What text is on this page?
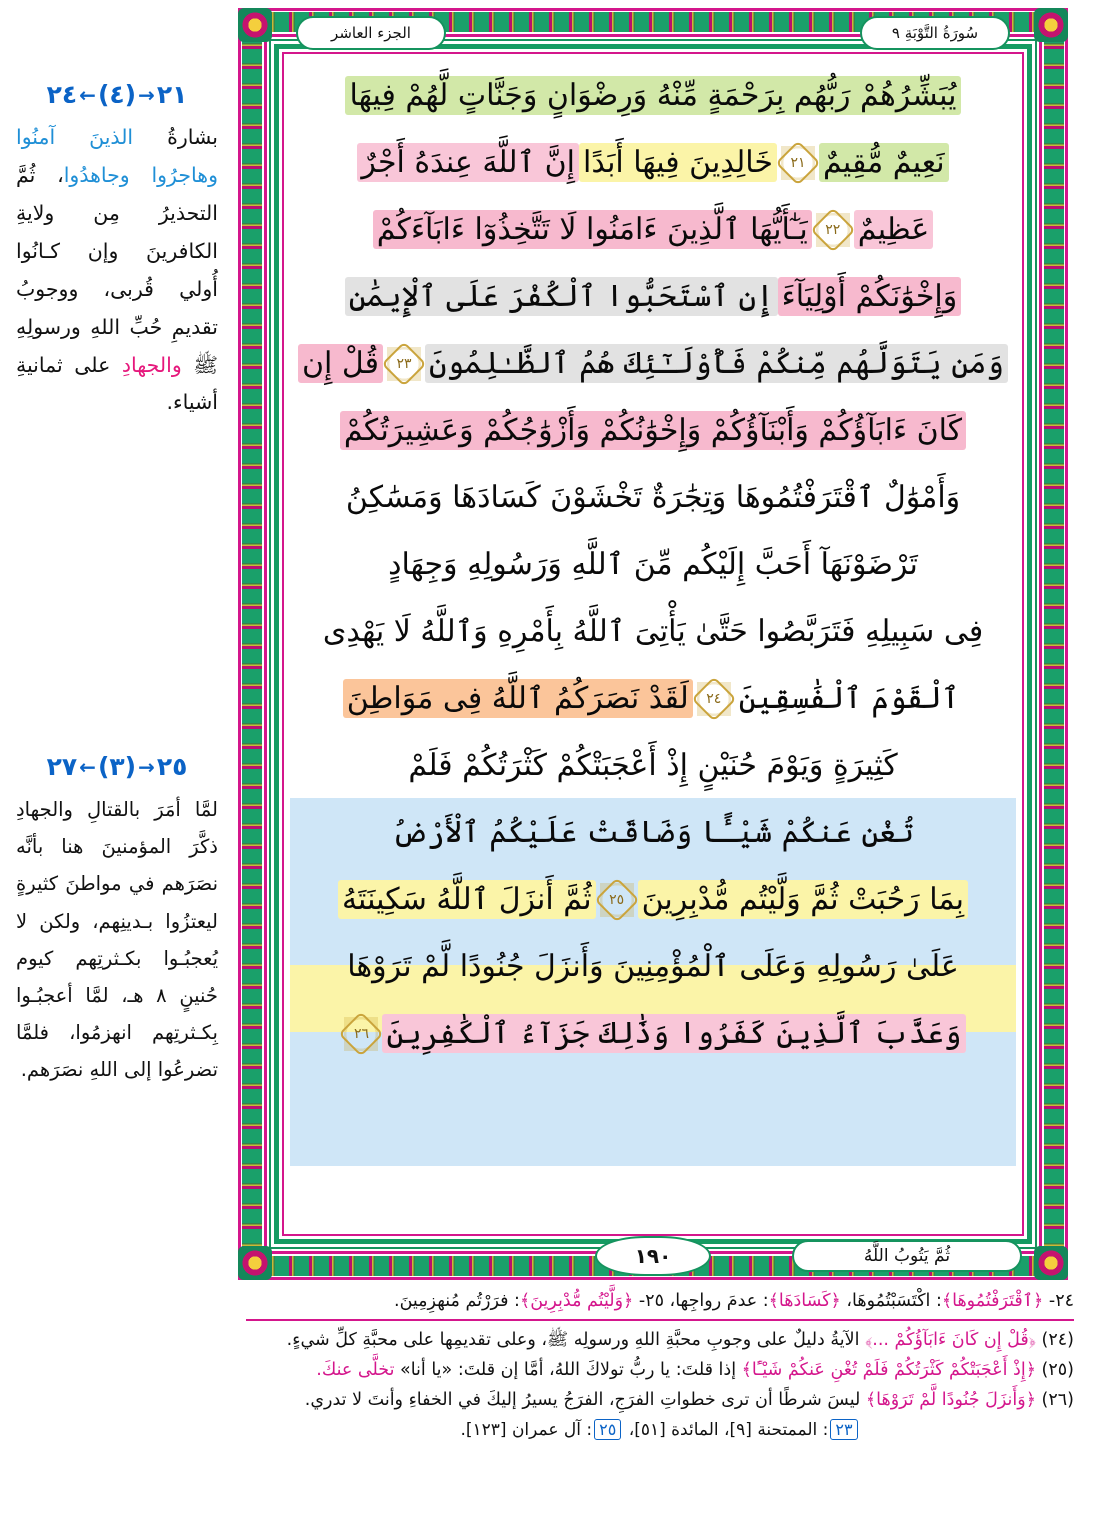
٢١
→
(٤)
←
٢٤
بشارةُ الذينَ آمنُوا وهاجرُوا وجاهدُوا، ثُمَّ التحذيرُ مِن ولايةِ الكافرينَ وإن كـانُوا أُولي قُربى، ووجوبُ تقديمِ حُبِّ اللهِ ورسولِهِ ﷺ والجهادِ على ثمانيةِ أشياء.
٢٥
→
(٣)
←
٢٧
لمَّا أمَرَ بالقتالِ والجهادِ ذكَّرَ المؤمنينَ هنا بأنَّه نصَرَهم في مواطنَ كثيرةٍ ليعتزُوا بـدينِهم، ولكن لا يُعجبُـوا بكـثرتِهم كيوم حُنينٍ ٨ هـ، لمَّا أعجبُـوا بِكـثرتِهم انهزمُوا، فلمَّا تضرعُوا إلى اللهِ نصَرَهم.
سُورَةُ التَّوْبَةِ ٩
الجزء العاشر
١٩٠	ثُمَّ يَتُوبُ اللَّهُ
يُبَشِّرُهُمْ رَبُّهُم بِرَحْمَةٍ مِّنْهُ وَرِضْوَانٍ وَجَنَّاتٍ لَّهُمْ فِيهَا
نَعِيمٌ مُّقِيمٌ
٢١
خَالِدِينَ فِيهَا أَبَدًا
إِنَّ ٱللَّهَ عِندَهُ أَجْرٌ
عَظِيمٌ
٢٢
يَـٰٓأَيُّهَا ٱلَّذِينَ ءَامَنُوا لَا تَتَّخِذُوٓا ءَابَآءَكُمْ
وَإِخْوَٰنَكُمْ أَوْلِيَآءَ
إِنِ ٱسْتَحَبُّوا ٱلْكُفْرَ عَلَى ٱلْإِيمَٰنِ
وَمَن يَتَوَلَّهُم مِّنكُمْ فَأُوْلَـٰٓئِكَ هُمُ ٱلظَّـٰلِمُونَ
٢٣
قُلْ إِن
كَانَ ءَابَآؤُكُمْ وَأَبْنَآؤُكُمْ وَإِخْوَٰنُكُمْ وَأَزْوَٰجُكُمْ وَعَشِيرَتُكُمْ
وَأَمْوَٰلٌ ٱقْتَرَفْتُمُوهَا وَتِجَٰرَةٌ تَخْشَوْنَ كَسَادَهَا وَمَسَٰكِنُ
تَرْضَوْنَهَآ أَحَبَّ إِلَيْكُم مِّنَ ٱللَّهِ وَرَسُولِهِ وَجِهَادٍ
فِى سَبِيلِهِ فَتَرَبَّصُوا حَتَّىٰ يَأْتِىَ ٱللَّهُ بِأَمْرِهِ وَٱللَّهُ لَا يَهْدِى
ٱلْقَوْمَ ٱلْفَٰسِقِينَ
٢٤
لَقَدْ نَصَرَكُمُ ٱللَّهُ فِى مَوَاطِنَ
كَثِيرَةٍ وَيَوْمَ حُنَيْنٍ إِذْ أَعْجَبَتْكُمْ كَثْرَتُكُمْ فَلَمْ
تُغْنِ عَنكُمْ شَيْـًٔا وَضَاقَتْ عَلَيْكُمُ ٱلْأَرْضُ
بِمَا رَحُبَتْ ثُمَّ وَلَّيْتُم مُّدْبِرِينَ
٢٥
ثُمَّ أَنزَلَ ٱللَّهُ سَكِينَتَهُ
عَلَىٰ رَسُولِهِ وَعَلَى ٱلْمُؤْمِنِينَ وَأَنزَلَ جُنُودًا لَّمْ تَرَوْهَا
وَعَذَّبَ ٱلَّذِينَ كَفَرُوا وَذَٰلِكَ جَزَآءُ ٱلْكَٰفِرِينَ
٢٦
٢٤- ﴿ٱقْتَرَفْتُمُوهَا﴾: اكْتَسَبْتُمُوهَا، ﴿كَسَادَهَا﴾: عدمَ رواجِها، ٢٥- ﴿وَلَّيْتُم مُّدْبِرِينَ﴾: فرَرْتُم مُنهزِمِينَ.
(٢٤) ﴿قُلْ إِن كَانَ ءَابَآؤُكُمْ ...﴾ الآيةُ دليلٌ على وجوبِ محبَّةِ اللهِ ورسولِه ﷺ، وعلى تقديمِها على محبَّةِ كلِّ شيءٍ.
(٢٥) ﴿إِذْ أَعْجَبَتْكُمْ كَثْرَتُكُمْ فَلَمْ تُغْنِ عَنكُمْ شَيْـًٔا﴾ إذا قلتَ: يا ربُّ تولاكَ اللهُ، أمَّا إن قلتَ: «يا أنا» تخلَّى عنكَ.
(٢٦) ﴿وَأَنزَلَ جُنُودًا لَّمْ تَرَوْهَا﴾ ليسَ شرطًا أن ترى خطواتِ الفرَجِ، الفرَجُ يسيرُ إليكَ في الخفاءِ وأنتَ لا تدري.
٢٣: الممتحنة [٩]، المائدة [٥١]، ٢٥: آل عمران [١٢٣].
